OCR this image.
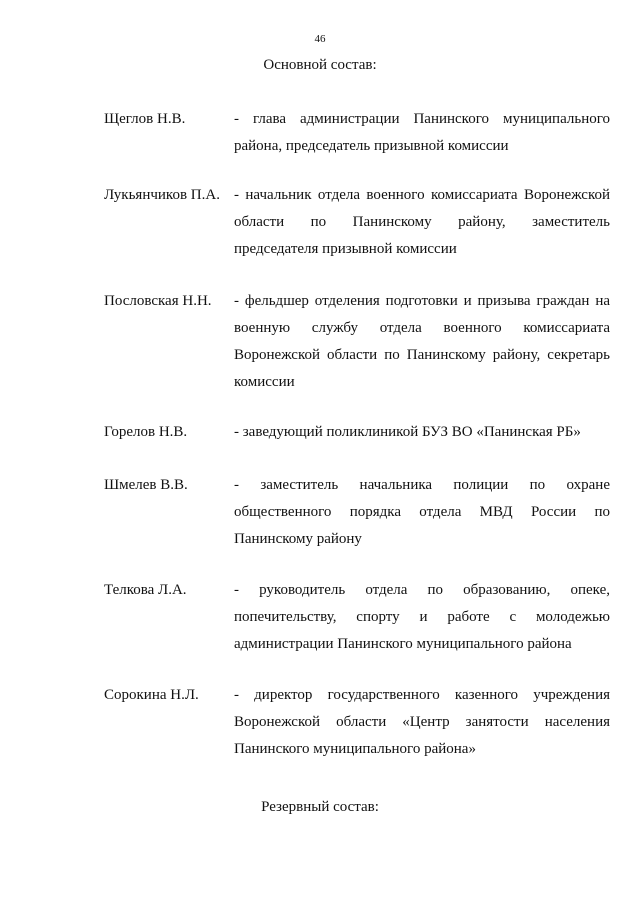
46
Основной состав:
Щеглов Н.В.	- глава администрации Панинского муниципального
района, председатель призывной комиссии
Лукьянчиков П.А. - начальник отдела военного комиссариата Воронежской
области по Панинскому району, заместитель
председателя призывной комиссии
Пословская Н.Н.	- фельдшер отделения подготовки и призыва граждан на
военную службу отдела военного комиссариата
Воронежской области по Панинскому району, секретарь
комиссии
Горелов Н.В.	- заведующий поликлиникой БУЗ ВО «Панинская РБ»
Шмелев В.В.	- заместитель начальника полиции по охране
общественного порядка отдела МВД России по
Панинскому району
Телкова Л.А.	- руководитель отдела по образованию, опеке,
попечительству, спорту и работе с молодежью
администрации Панинского муниципального района
Сорокина Н.Л.	- директор государственного казенного учреждения
Воронежской области «Центр занятости населения
Панинского муниципального района»
Резервный состав:
